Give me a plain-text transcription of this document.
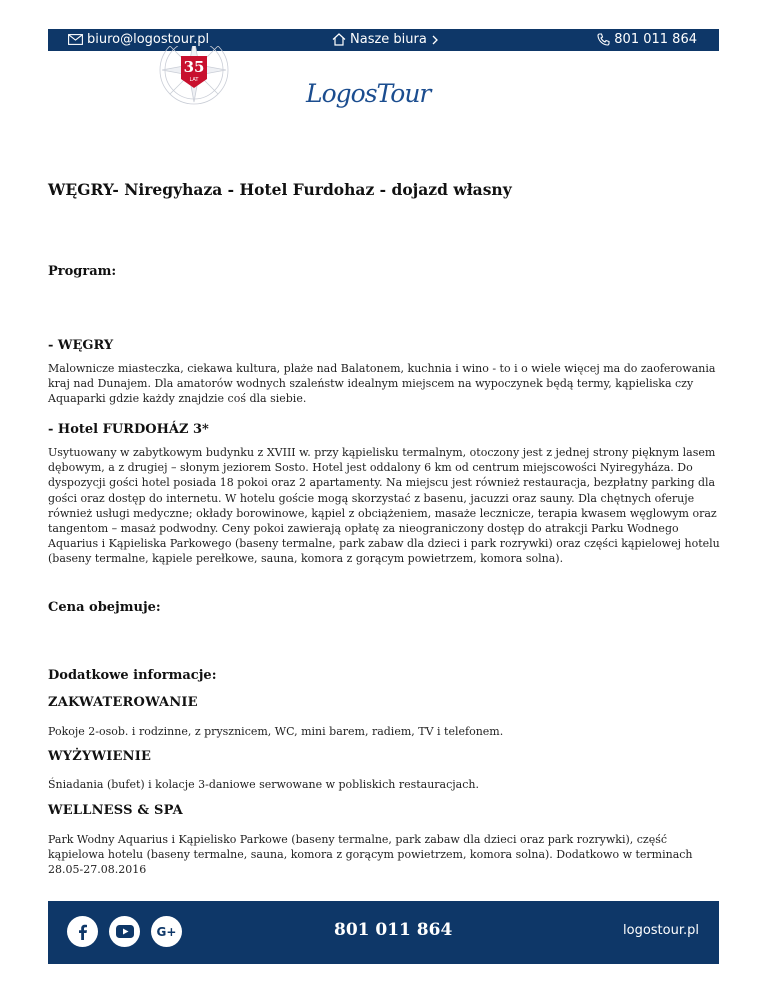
biuro@logostour.pl	Nasze biura	801 011 864
35
LAT	LogosTour
WĘGRY- Niregyhaza - Hotel Furdohaz - dojazd własny
Program:
- WĘGRY

Malownicze miasteczka, ciekawa kultura, plaże nad Balatonem, kuchnia i wino - to i o wiele więcej ma do zaoferowania kraj nad Dunajem. Dla amatorów wodnych szaleństw idealnym miejscem na wypoczynek będą termy, kąpieliska czy Aquaparki gdzie każdy znajdzie coś dla siebie.

- Hotel FURDOHÁZ 3*

Usytuowany w zabytkowym budynku z XVIII w. przy kąpielisku termalnym, otoczony jest z jednej strony pięknym lasem dębowym, a z drugiej – słonym jeziorem Sosto. Hotel jest oddalony 6 km od centrum miejscowości Nyiregyháza. Do dyspozycji gości hotel posiada 18 pokoi oraz 2 apartamenty. Na miejscu jest również restauracja, bezpłatny parking dla gości oraz dostęp do internetu. W hotelu goście mogą skorzystać z basenu, jacuzzi oraz sauny. Dla chętnych oferuje również usługi medyczne; okłady borowinowe, kąpiel z obciążeniem, masaże lecznicze, terapia kwasem węglowym oraz tangentom – masaż podwodny. Ceny pokoi zawierają opłatę za nieograniczony dostęp do atrakcji Parku Wodnego Aquarius i Kąpieliska Parkowego (baseny termalne, park zabaw dla dzieci i park rozrywki) oraz części kąpielowej hotelu (baseny termalne, kąpiele perełkowe, sauna, komora z gorącym powietrzem, komora solna).

Cena obejmuje:
Dodatkowe informacje:
ZAKWATEROWANIE

Pokoje 2-osob. i rodzinne, z prysznicem, WC, mini barem, radiem, TV i telefonem.

WYŻYWIENIE

Śniadania (bufet) i kolacje 3-daniowe serwowane w pobliskich restauracjach.

WELLNESS & SPA

Park Wodny Aquarius i Kąpielisko Parkowe (baseny termalne, park zabaw dla dzieci oraz park rozrywki), część kąpielowa hotelu (baseny termalne, sauna, komora z gorącym powietrzem, komora solna). Dodatkowo w terminach 28.05-27.08.2016

G+	801 011 864	logostour.pl
